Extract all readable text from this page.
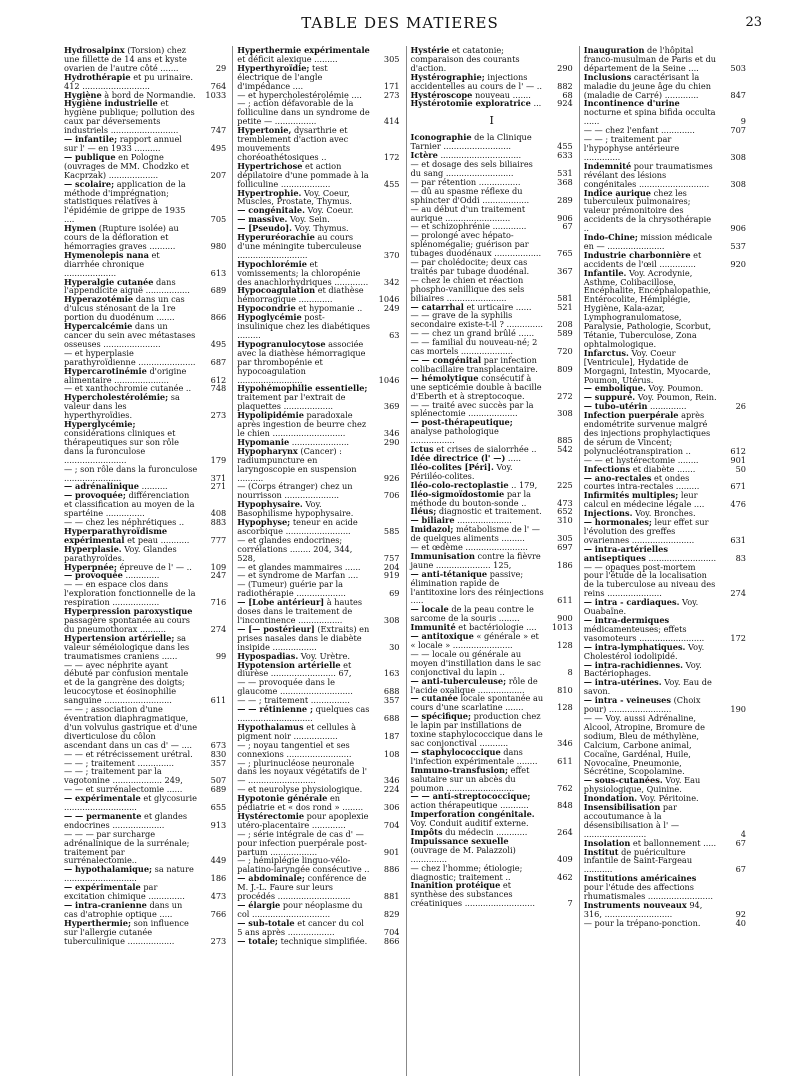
TABLE DES MATIERES	23
Hydrosalpinx (Torsion) chez une fillette de 14 ans et kyste ovarien de l'autre côté .......	29
Hydrothérapie et pu urinaire. 412 ..........................	764
Hygiène à bord de Normandie.	1033
Hygiène industrielle et hygiène publique; pollution des caux par déversements industriels ..........................	747
— infantile; rapport annuel sur l' — en 1933 ..........	495
— publique en Pologne (ouvrages de MM. Chodzko et Kacprzak) ...................	207
— scolaire; application de la méthode d'imprégnation; statistiques relatives à l'épidémie de grippe de 1935 ....	705
Hymen (Rupture isolée) au cours de la défloration et hémorragies graves ..........	980
Hymenolepis nana et diarrhée chronique ....................	613
Hyperalgie cutanée dans l'appendicite aiguë .................	689
Hyperazotémie dans un cas d'ulcus sténosant de la 1re portion du duodénum .......	866
Hypercalcémie dans un cancer du sein avec métastases osseuses ......................	495
— et hyperplasie parathyroïdienne ......................	687
Hypercarotinémie d'origine alimentaire .....................	612
— et xanthochromie cutanée ..	748
Hypercholestérolémie; sa valeur dans les hyperthyroïdies.	273
Hyperglycémie; considérations cliniques et thérapeutiques sur son rôle dans la furonculose ........................	179
— ; son rôle dans la furonculose ......................	371
— adrénalinique ..........	271
— provoquée; différenciation et classification au moyen de la spartéine ...............	408
— — chez les néphrétiques ..	883
Hyperparathyroïdisme expérimental et peau ...........	777
Hyperplasie. Voy. Glandes parathyroïdes.
Hyperpnée; épreuve de l' — ..	109
— provoquée .............	247
— — en espace clos dans l'exploration fonctionnelle de la respiration ..................	716
Hyperpression paroxystique passagère spontanée au cours du pneumothorax ..........	274
Hypertension artérielle; sa valeur séméiologique dans les traumatismes craniens ......	99
— — avec néphrite ayant débuté par confusion mentale et de la gangrène des doigts; leucocytose et éosinophilie sanguine ..........................	611
— — ; association d'une éventration diaphragmatique, d'un volvulus gastrique et d'une diverticulose du côlon ascendant dans un cas d' — ....	673
— — et rétrécissement urétral.	830
— — ; traitement ..............	357
— — ; traitement par la vagotonine ................... 249,	507
— — et surrénalectomie ......	689
— expérimentale et glycosurie ............................	655
— — permanente et glandes endocrines ....................	913
— — — par surcharge adrénalinique de la surrénale; traitement par surrénalectomie..	449
— hypothalamique; sa nature ............................	186
— expérimentale par excitation chimique ..............	473
— intra-cranienne dans un cas d'atrophie optique .....	766
Hyperthermie; son influence sur l'allergie cutanée tuberculinique ..................	273
Hyperthermie expérimentale et déficit alexique .........	305
Hyperthyroïdie; test électrique de l'angle d'impédance ....	171
— et hypercholestérolémie ....	273
— ; action défavorable de la folliculine dans un syndrome de petite — ................	414
Hypertonie, dysarthrie et tremblement d'action avec mouvements choréoathétosiques ..	172
Hypertrichose et action dépilatoire d'une pommade à la folliculine ...................	455
Hypertrophie. Voy. Coeur, Muscles, Prostate, Thymus.
— congénitale. Voy. Coeur.
— massive. Voy. Sein.
— [Pseudo]. Voy. Thymus.
Hyperuréorachie au cours d'une méningite tuberculeuse ...........................	370
Hypochlorémie et vomissements; la chloropénie des anachlorhydriques .............	342
Hypocoagulation et diathèse hémorragique .............	1046
Hypocondrie et hypomanie ..	249
Hypoglycémie post-insulinique chez les diabétiques .........	63
Hypogranulocytose associée avec la diathèse hémorragique par thrombopénie et hypocoagulation .........................	1046
Hypohémophilie essentielle; traitement par l'extrait de plaquettes ...................	369
Hypolipidémie paradoxale après ingestion de beurre chez le chien ............................	346
Hypomanie ......................	290
Hypopharynx (Cancer) : radiumpuncture en laryngoscopie en suspension ..........	926
— (Corps étranger) chez un nourrisson .....................	706
Hypophysaire. Voy. Basophilisme hypophysaire.
Hypophyse; teneur en acide ascorbique .........................	585
— et glandes endocrines; corrélations ........ 204, 344, 528,	757
— et glandes mammaires ......	204
— et syndrome de Marfan ....	919
— (Tumeur) guérie par la radiothérapie ...................	69
— [Lobe antérieur] à hautes doses dans le traitement de l'incontinence .................	308
— [— postérieur] (Extraits) en prises nasales dans le diabète insipide .................	30
Hypospadias. Voy. Urètre.
Hypotension artérielle et diurèse ......................... 67,	163
— — provoquée dans le glaucome ............................	688
— — ; traitement ...............	357
— — rétinienne ; quelques cas .............................	688
Hypothalamus et cellules à pigment noir .................	187
— ; noyau tangentiel et ses connexions .........................	108
— ; plurinucléose neuronale dans les noyaux végétatifs de l' — ..........................	346
— et neurolyse physiologique.	224
Hypotonie générale en pédiatrie et « dos rond » ........	306
Hystérectomie pour apoplexie utéro-placentaire .............	704
— ; série intégrale de cas d' — pour infection puerpérale post-partum ..................	901
— ; hémiplégie linguo-vélo-palatino-laryngée consécutive ..	886
— abdominale; conférence de M. J.-L. Faure sur leurs procédés ............................	881
— élargie pour néoplasme du col ..............................	829
— sub-totale et cancer du col 5 ans après ..................	704
— totale; technique simplifiée.	866
Hystérie et catatonie; comparaison des courants d'action.	290
Hystérographie; injections accidentelles au cours de l' — ..	882
Hystéroscope nouveau .......	68
Hystérotomie exploratrice ...	924
I
Iconographie de la Clinique Tarnier ..........................	455
Ictère ...............................	633
— et dosage des sels biliaires du sang ..........................	531
— par rétention ................	368
— dû au spasme réflexe du sphincter d'Oddi ..................	289
— au début d'un traitement aurique .........................	906
— et schizophrénie .............	67
— prolongé avec hépato-splénomégalie; guérison par tubages duodénaux ..................	765
— par cholédocite; deux cas traités par tubage duodénal.	367
— chez le chien et réaction phospho-vanillique des sels biliaires .......................	581
— catarrhal et urticaire ......	521
— — grave de la syphilis secondaire existe-t-il ? ..............	208
— — chez un grand brûlé ......	589
— — familial du nouveau-né; 2 cas mortels ....................	720
— — congénital par infection colibacillaire transplacentaire.	809
— hémolytique consécutif à une septicémie double à bacille d'Eberth et à streptocoque.	272
— — traité avec succès par la splénectomie ...................	308
— post-thérapeutique; analyse pathologique .................	885
Ictus et crises de sialorrhée ..	542
Idée directrice (l' —) .....
Iléo-colites [Péri]. Voy. Périiléo-colites.
Iléo-colo-rectoplastie .. 179,	225
Iléo-sigmoïdostomie par la méthode du bouton-sonde ..	473
Iléus; diagnostic et traitement.	652
— biliaire .....................	310
Imidazol; métabolisme de l' — de quelques aliments .........	305
— et œdème ........................	697
Immunisation contre la fièvre jaune ..................... 125,	186
— anti-tétanique passive; élimination rapide de l'antitoxine lors des réinjections .....	611
— locale de la peau contre le sarcome de la souris ........	900
Immunité et bactériologie ....	1013
— antitoxique « générale » et « locale » .......................	128
— — locale ou générale au moyen d'instillation dans le sac conjonctival du lapin ..	8
— anti-tuberculeuse; rôle de l'acide oxalique ..................	810
— cutanée locale spontanée au cours d'une scarlatine .......	128
— spécifique; production chez le lapin par instillations de toxine staphylococcique dans le sac conjonctival ...........	346
— staphylococcique dans l'infection expérimentale ........	611
Immuno-transfusion; effet salutaire sur un abcès du poumon ..........................	762
— — anti-streptococcique; action thérapeutique ...........	848
Imperforation congénitale. Voy. Conduit auditif externe.
Impôts du médecin ............	264
Impuissance sexuelle (ouvrage de M. Palazzoli) ..............	409
— chez l'homme; étiologie; diagnostic; traitement ..	462
Inanition protéique et synthèse des substances créatiniques ...........................	7
Inauguration de l'hôpital franco-musulman de Paris et du département de la Seine ....	503
Inclusions caractérisant la maladie du jeune âge du chien (maladie de Carré) .............	847
Incontinence d'urine nocturne et spina bifida occulta ......	9
— — chez l'enfant .............	707
— — ; traitement par l'hypophyse antérieure ..............	308
Indemnité pour traumatismes révélant des lésions congénitales ...........................	308
Indice aurique chez les tuberculeux pulmonaires; valeur prémonitoire des accidents de la chrysothérapie ..	906
Indo-Chine; mission médicale en — ......................	537
Industrie charbonnière et accidents de l'œil ..............	920
Infantile. Voy. Acrodynie, Asthme, Colibacillose, Encéphalite, Encéphalopathie, Entérocolite, Hémiplégie, Hygiène, Kala-azar, Lymphogranulomatose, Paralysie, Pathologie, Scorbut, Tétanie, Tuberculose, Zona ophtalmologique.
Infarctus. Voy. Coeur [Ventricule], Hydatide de Morgagni, Intestin, Myocarde, Poumon, Utérus.
— embolique. Voy. Poumon.
— suppuré. Voy. Poumon, Rein.
— tubo-utérin ..............	26
Infection puerpérale après endométrite survenue malgré des injections prophylactiques de sérum de Vincent; polynucléotranspiration ..	612
— — et hystérectomie ........	901
Infections et diabète .......	50
— ano-rectales et ondes courtes intra-rectales .........	671
Infirmités multiples; leur calcul en médecine légale ....	476
Injections. Voy. Bronches.
— hormonales; leur effet sur l'évolution des greffes ovariennes ........................	631
— intra-artérielles antiseptiques ..........................	83
— — opaques post-mortem pour l'étude de la localisation de la tuberculose au niveau des reins .....................	274
— intra - cardiaques. Voy. Ouabaïne.
— intra-dermiques médicamenteuses; effets vasomoteurs .........................	172
— intra-lymphatiques. Voy. Cholestérol iodolipidé.
— intra-rachidiennes. Voy. Bactériophages.
— intra-utérines. Voy. Eau de savon.
— intra - veineuses (Choix pour) ........................	190
— — Voy. aussi Adrénaline, Alcool, Atropine, Bromure de sodium, Bleu de méthylène, Calcium, Carbone animal, Cocaïne, Gardénal, Huile, Novocaïne, Pneumonie, Sécrétine, Scopolamine.
— sous-cutanées. Voy. Eau physiologique, Quinine.
Inondation. Voy. Péritoine.
Insensibilisation par accoutumance à la désensibilisation à l' — ........................	4
Insolation et ballonnement .....	67
Institut de puériculture infantile de Saint-Fargeau ...........	67
Institutions américaines pour l'étude des affections rhumatismales .........................
Instruments nouveaux 94, 316, ..........................	92
— pour la trépano-ponction.	40
